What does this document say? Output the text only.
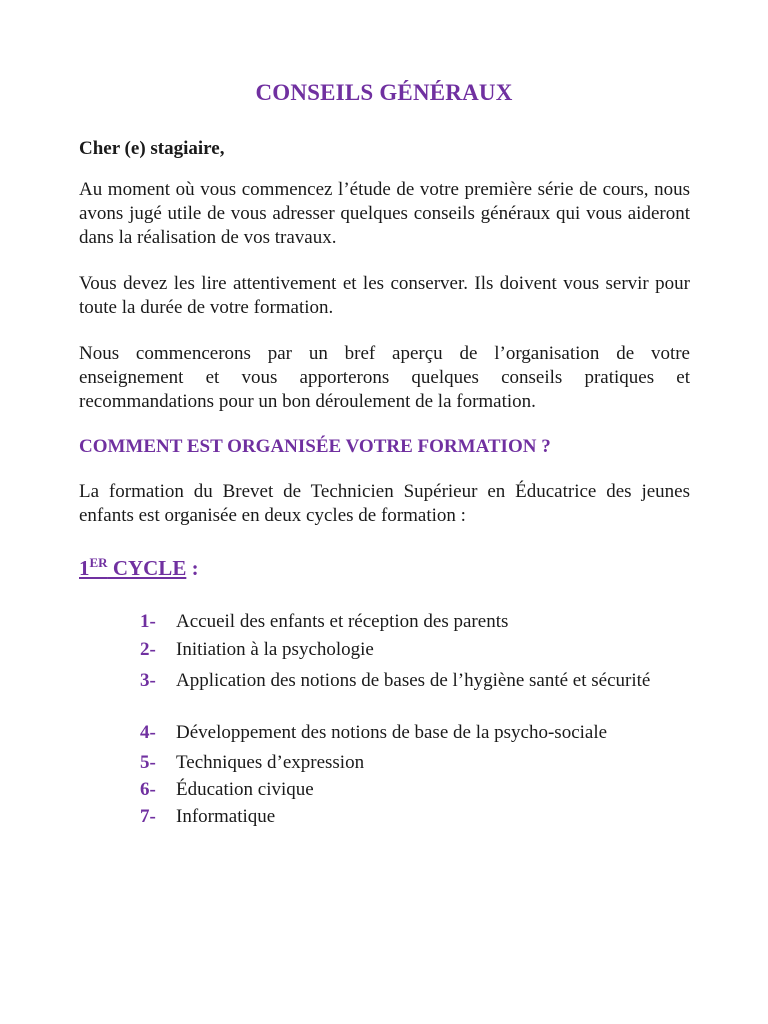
CONSEILS GÉNÉRAUX
Cher (e) stagiaire,
Au moment où vous commencez l’étude de votre première série de cours, nous avons jugé utile de vous adresser quelques conseils généraux qui vous aideront dans la réalisation de vos travaux.
Vous devez les lire attentivement et les conserver. Ils doivent vous servir pour toute la durée de votre formation.
Nous commencerons par un bref aperçu de l’organisation de votre enseignement et vous apporterons quelques conseils pratiques et recommandations pour un bon déroulement de la formation.
COMMENT EST ORGANISÉE VOTRE FORMATION ?
La formation du Brevet de Technicien Supérieur en Éducatrice des jeunes enfants est organisée en deux cycles de formation :
1ER CYCLE :
1-	Accueil des enfants et réception des parents
2-	Initiation à la psychologie
3-	Application des notions de bases de l’hygiène santé et sécurité
4-	Développement des notions de base de la psycho-sociale
5-	Techniques d’expression
6-	Éducation civique
7-	Informatique
